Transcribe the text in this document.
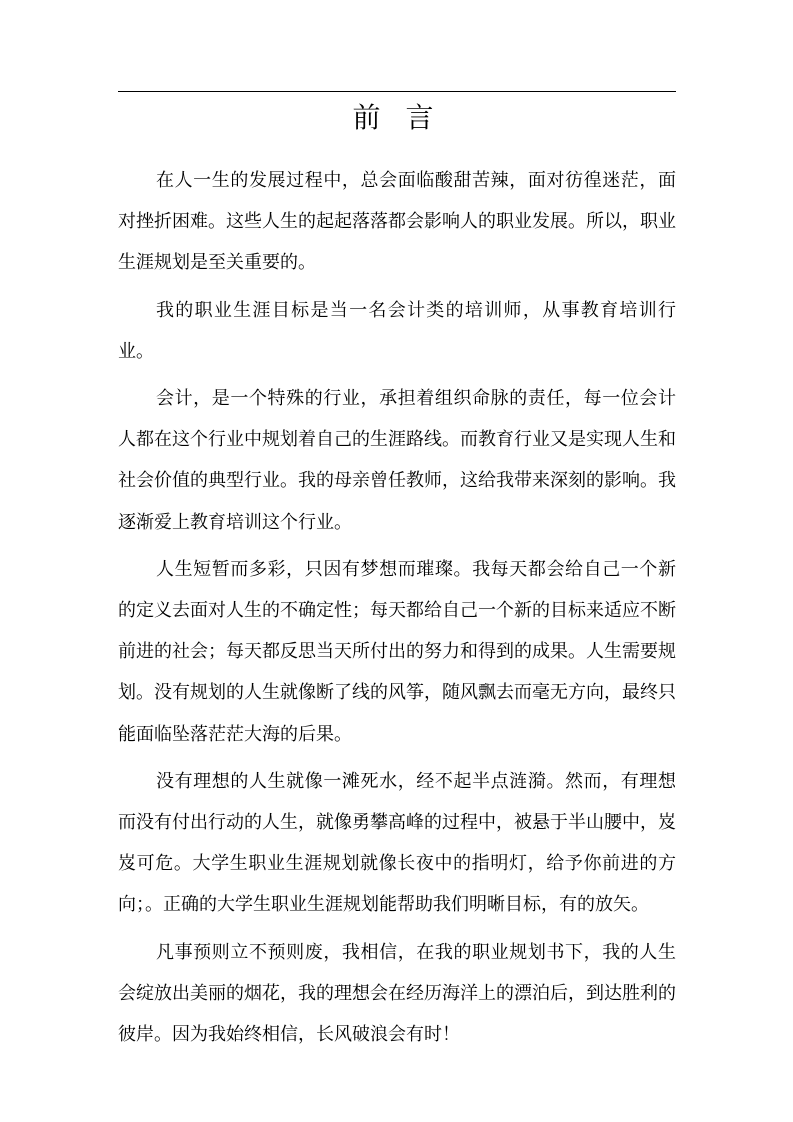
前 言

在人一生的发展过程中，总会面临酸甜苦辣，面对彷徨迷茫，面对挫折困难。这些人生的起起落落都会影响人的职业发展。所以，职业生涯规划是至关重要的。

我的职业生涯目标是当一名会计类的培训师，从事教育培训行业。

会计，是一个特殊的行业，承担着组织命脉的责任，每一位会计人都在这个行业中规划着自己的生涯路线。而教育行业又是实现人生和社会价值的典型行业。我的母亲曾任教师，这给我带来深刻的影响。我逐渐爱上教育培训这个行业。

人生短暂而多彩，只因有梦想而璀璨。我每天都会给自己一个新的定义去面对人生的不确定性；每天都给自己一个新的目标来适应不断前进的社会；每天都反思当天所付出的努力和得到的成果。人生需要规划。没有规划的人生就像断了线的风筝，随风飘去而毫无方向，最终只能面临坠落茫茫大海的后果。

没有理想的人生就像一滩死水，经不起半点涟漪。然而，有理想而没有付出行动的人生，就像勇攀高峰的过程中，被悬于半山腰中，岌岌可危。大学生职业生涯规划就像长夜中的指明灯，给予你前进的方向；。正确的大学生职业生涯规划能帮助我们明晰目标，有的放矢。

凡事预则立不预则废，我相信，在我的职业规划书下，我的人生会绽放出美丽的烟花，我的理想会在经历海洋上的漂泊后，到达胜利的彼岸。因为我始终相信，长风破浪会有时！
